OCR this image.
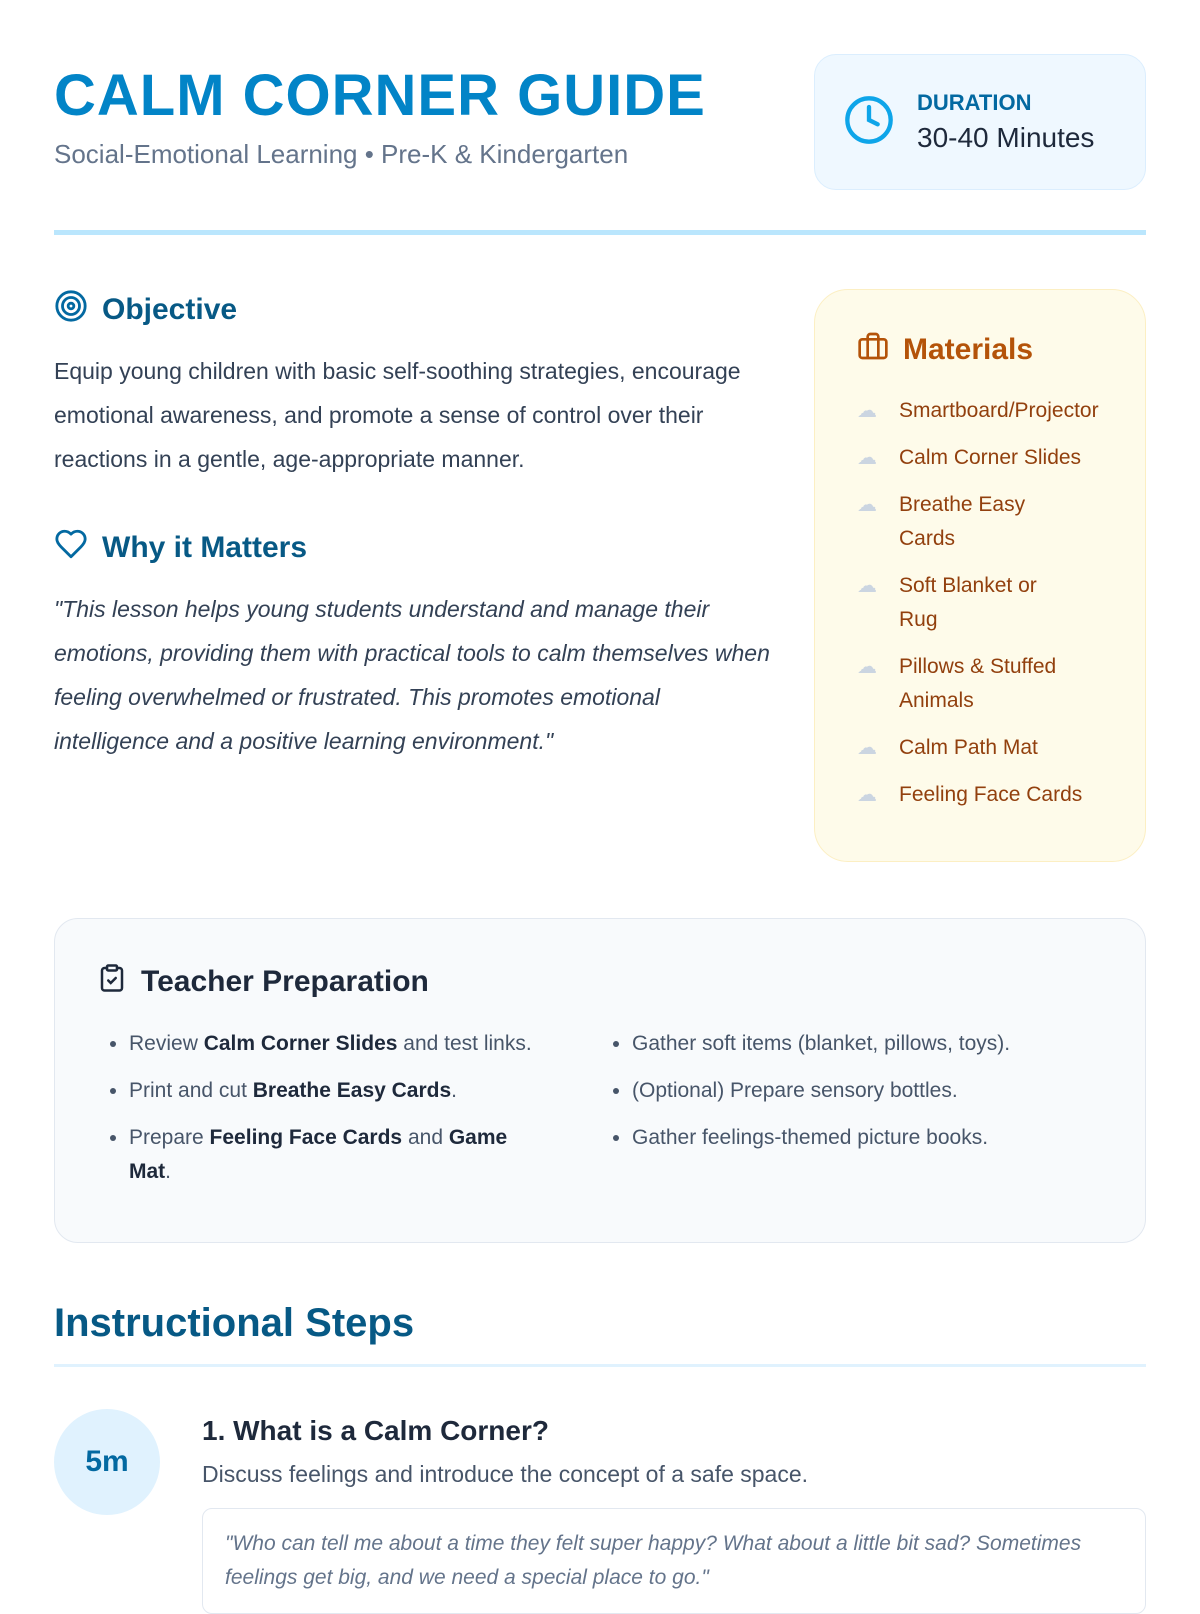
CALM CORNER GUIDE
Social-Emotional Learning • Pre-K & Kindergarten
DURATION
30-40 Minutes
Objective

Equip young children with basic self-soothing strategies, encourage emotional awareness, and promote a sense of control over their reactions in a gentle, age-appropriate manner.

Why it Matters

"This lesson helps young students understand and manage their emotions, providing them with practical tools to calm themselves when feeling overwhelmed or frustrated. This promotes emotional intelligence and a positive learning environment."

Materials
☁ Smartboard/Projector
☁ Calm Corner Slides
☁ Breathe Easy Cards
☁ Soft Blanket or Rug
☁ Pillows & Stuffed Animals
☁ Calm Path Mat
☁ Feeling Face Cards
Teacher Preparation
• Review Calm Corner Slides and test links.
• Print and cut Breathe Easy Cards.
• Prepare Feeling Face Cards and Game Mat.
• Gather soft items (blanket, pillows, toys).
• (Optional) Prepare sensory bottles.
• Gather feelings-themed picture books.
Instructional Steps
5m
1. What is a Calm Corner?
Discuss feelings and introduce the concept of a safe space.
"Who can tell me about a time they felt super happy? What about a little bit sad? Sometimes feelings get big, and we need a special place to go."
